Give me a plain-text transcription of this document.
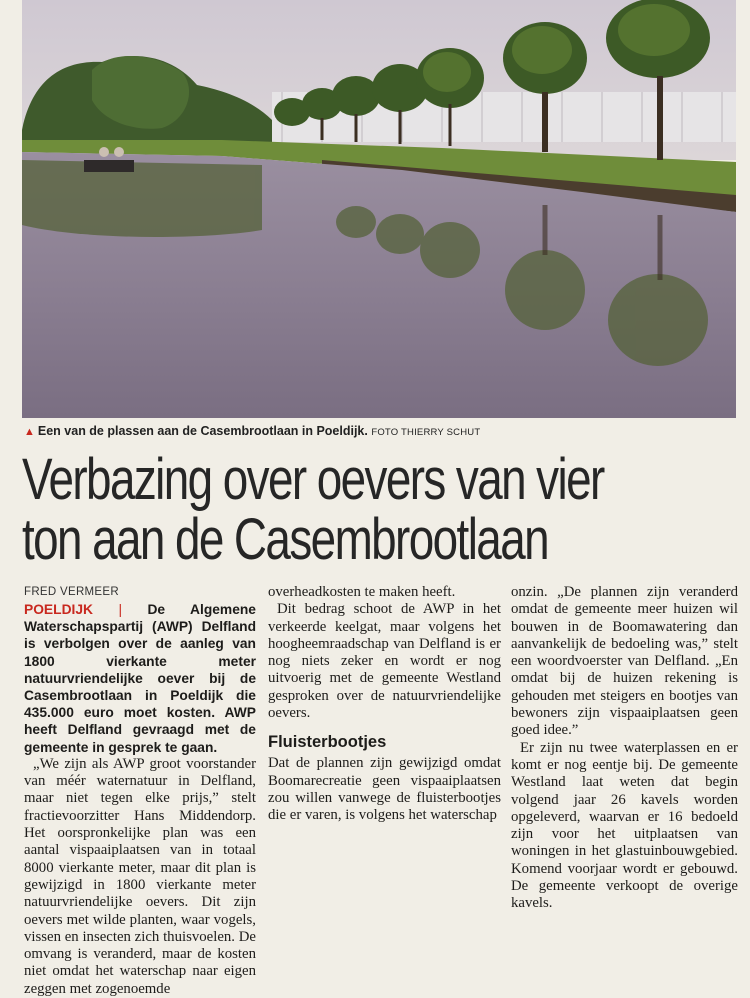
▲ Een van de plassen aan de Casembrootlaan in Poeldijk. FOTO THIERRY SCHUT
Verbazing over oevers van vier
ton aan de Casembrootlaan
FRED VERMEER

POELDIJK | De Algemene Waterschapspartij (AWP) Delfland is verbolgen over de aanleg van 1800 vierkante meter natuurvriendelijke oever bij de Casembrootlaan in Poeldijk die 435.000 euro moet kosten. AWP heeft Delfland gevraagd met de gemeente in gesprek te gaan.

„We zijn als AWP groot voorstander van méér waternatuur in Delfland, maar niet tegen elke prijs,” stelt fractievoorzitter Hans Middendorp. Het oorspronkelijke plan was een aantal vispaaiplaatsen van in totaal 8000 vierkante meter, maar dit plan is gewijzigd in 1800 vierkante meter natuurvriendelijke oevers. Dit zijn oevers met wilde planten, waar vogels, vissen en insecten zich thuisvoelen. De omvang is veranderd, maar de kosten niet omdat het waterschap naar eigen zeggen met zogenoemde

overheadkosten te maken heeft.

Dit bedrag schoot de AWP in het verkeerde keelgat, maar volgens het hoogheemraadschap van Delfland is er nog niets zeker en wordt er nog uitvoerig met de gemeente Westland gesproken over de natuurvriendelijke oevers.

Fluisterbootjes

Dat de plannen zijn gewijzigd omdat Boomarecreatie geen vispaaiplaatsen zou willen vanwege de fluisterbootjes die er varen, is volgens het waterschap

onzin. „De plannen zijn veranderd omdat de gemeente meer huizen wil bouwen in de Boomawatering dan aanvankelijk de bedoeling was,” stelt een woordvoerster van Delfland. „En omdat bij de huizen rekening is gehouden met steigers en bootjes van bewoners zijn vispaaiplaatsen geen goed idee.”

Er zijn nu twee waterplassen en er komt er nog eentje bij. De gemeente Westland laat weten dat begin volgend jaar 26 kavels worden opgeleverd, waarvan er 16 bedoeld zijn voor het uitplaatsen van woningen in het glastuinbouwgebied. Komend voorjaar wordt er gebouwd. De gemeente verkoopt de overige kavels.
